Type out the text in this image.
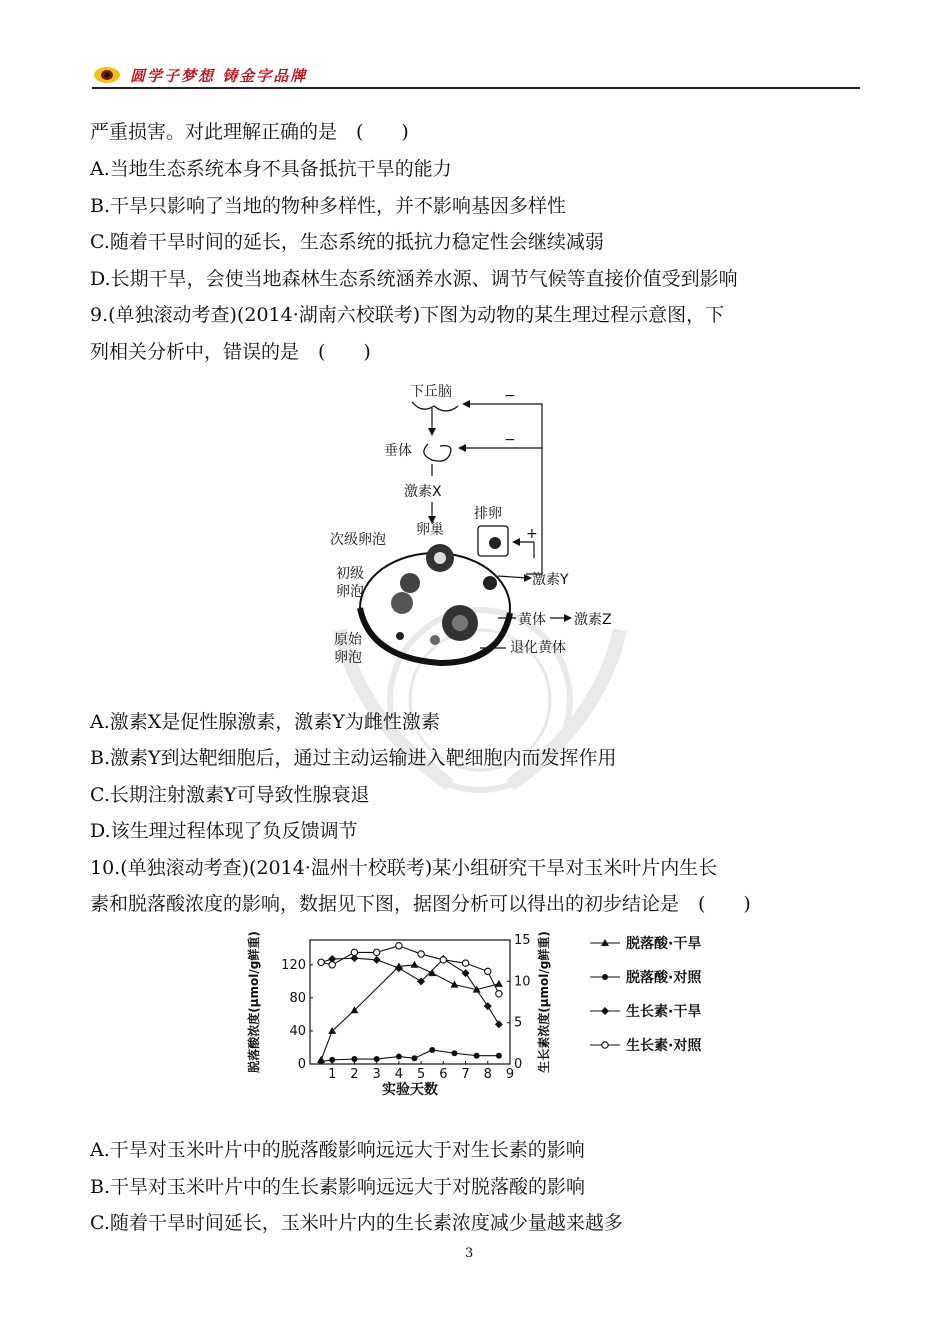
圆学子梦想 铸金字品牌
严重损害。对此理解正确的是　(　　)
A.当地生态系统本身不具备抵抗干旱的能力
B.干旱只影响了当地的物种多样性，并不影响基因多样性
C.随着干旱时间的延长，生态系统的抵抗力稳定性会继续减弱
D.长期干旱，会使当地森林生态系统涵养水源、调节气候等直接价值受到影响
9.(单独滚动考查)(2014·湖南六校联考)下图为动物的某生理过程示意图，下
列相关分析中，错误的是　(　　)
下丘脑
垂体
激素X
卵巢
排卵
次级卵泡
初级
卵泡
原始
卵泡
激素Y
黄体 激素Z
退化黄体
−
−
+
A.激素X是促性腺激素，激素Y为雌性激素
B.激素Y到达靶细胞后，通过主动运输进入靶细胞内而发挥作用
C.长期注射激素Y可导致性腺衰退
D.该生理过程体现了负反馈调节
10.(单独滚动考查)(2014·温州十校联考)某小组研究干旱对玉米叶片内生长
素和脱落酸浓度的影响，数据见下图，据图分析可以得出的初步结论是　(　　)
1 2 3 4 5 6 7 8 9
0
40
80
120
0
5
10
15
实验天数
脱落酸浓度(μmol/g鲜重)	生长素浓度(μmol/g鲜重)	脱落酸·干旱
脱落酸·对照
生长素·干旱
生长素·对照
A.干旱对玉米叶片中的脱落酸影响远远大于对生长素的影响
B.干旱对玉米叶片中的生长素影响远远大于对脱落酸的影响
C.随着干旱时间延长，玉米叶片内的生长素浓度减少量越来越多
3
